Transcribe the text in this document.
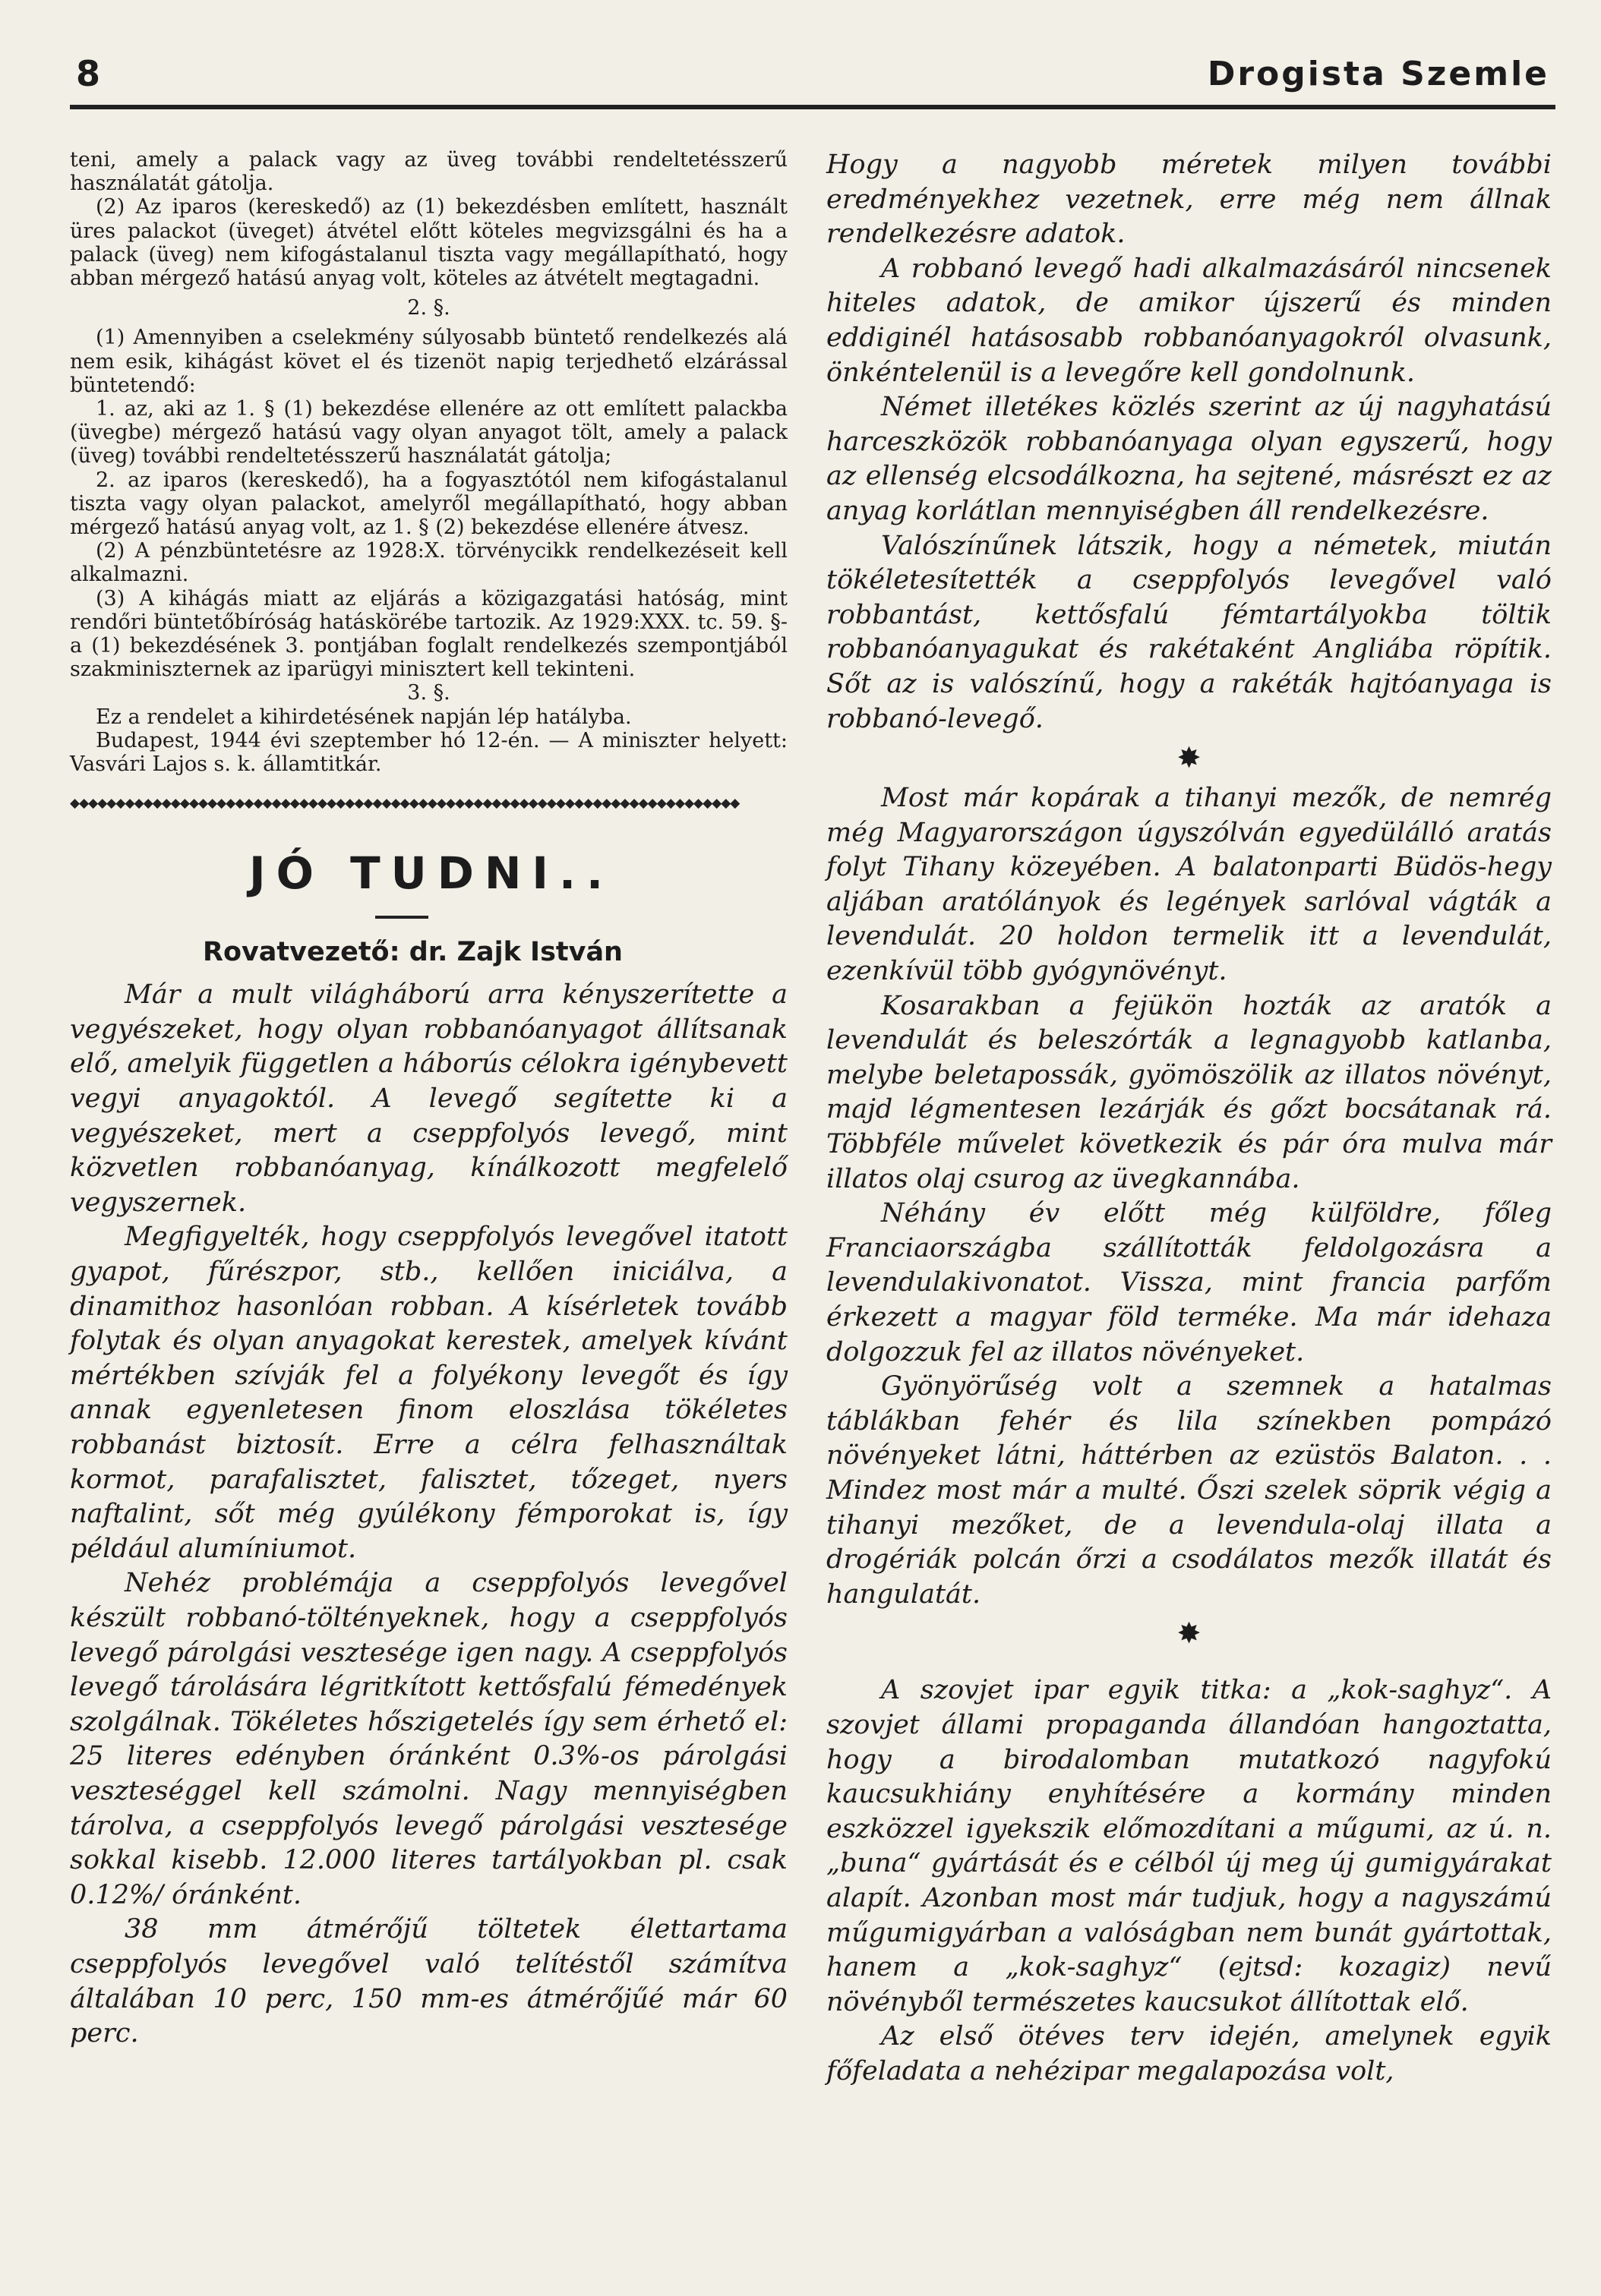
8	Drogista Szemle

teni, amely a palack vagy az üveg további rendeltetésszerű használatát gátolja.

(2) Az iparos (kereskedő) az (1) bekezdésben említett, használt üres palackot (üveget) átvétel előtt köteles megvizsgálni és ha a palack (üveg) nem kifogástalanul tiszta vagy megállapítható, hogy abban mérgező hatású anyag volt, köteles az átvételt megtagadni.

2. §.

(1) Amennyiben a cselekmény súlyosabb büntető rendelkezés alá nem esik, kihágást követ el és tizenöt napig terjedhető elzárással büntetendő:

1. az, aki az 1. § (1) bekezdése ellenére az ott említett palackba (üvegbe) mérgező hatású vagy olyan anyagot tölt, amely a palack (üveg) további rendeltetésszerű használatát gátolja;

2. az iparos (kereskedő), ha a fogyasztótól nem kifogástalanul tiszta vagy olyan palackot, amelyről megállapítható, hogy abban mérgező hatású anyag volt, az 1. § (2) bekezdése ellenére átvesz.

(2) A pénzbüntetésre az 1928:X. törvénycikk rendelkezéseit kell alkalmazni.

(3) A kihágás miatt az eljárás a közigazgatási hatóság, mint rendőri büntetőbíróság hatáskörébe tartozik. Az 1929:XXX. tc. 59. §-a (1) bekezdésének 3. pontjában foglalt rendelkezés szempontjából szakminiszternek az iparügyi minisztert kell tekinteni.

3. §.

Ez a rendelet a kihirdetésének napján lép hatályba.

Budapest, 1944 évi szeptember hó 12-én. — A miniszter helyett: Vasvári Lajos s. k. államtitkár.

◆◆◆◆◆◆◆◆◆◆◆◆◆◆◆◆◆◆◆◆◆◆◆◆◆◆◆◆◆◆◆◆◆◆◆◆◆◆◆◆◆◆◆◆◆◆◆◆◆◆◆◆◆◆◆◆◆◆◆◆◆◆◆◆◆◆◆◆◆◆◆◆◆
JÓ TUDNI..
Rovatvezető: dr. Zajk István

Már a mult világháború arra kényszerítette a vegyészeket, hogy olyan robbanóanyagot állítsanak elő, amelyik független a háborús célokra igénybevett vegyi anyagoktól. A levegő segítette ki a vegyészeket, mert a cseppfolyós levegő, mint közvetlen robbanóanyag, kínálkozott megfelelő vegyszernek.

Megfigyelték, hogy cseppfolyós levegővel itatott gyapot, fűrészpor, stb., kellően iniciálva, a dinamithoz hasonlóan robban. A kísérletek tovább folytak és olyan anyagokat kerestek, amelyek kívánt mértékben szívják fel a folyékony levegőt és így annak egyenletesen finom eloszlása tökéletes robbanást biztosít. Erre a célra felhasználtak kormot, parafalisztet, falisztet, tőzeget, nyers naftalint, sőt még gyúlékony fémporokat is, így például alumíniumot.

Nehéz problémája a cseppfolyós levegővel készült robbanó-töltényeknek, hogy a cseppfolyós levegő párolgási vesztesége igen nagy. A cseppfolyós levegő tárolására légritkított kettősfalú fémedények szolgálnak. Tökéletes hőszigetelés így sem érhető el: 25 literes edényben óránként 0.3%-os párolgási veszteséggel kell számolni. Nagy mennyiségben tárolva, a cseppfolyós levegő párolgási vesztesége sokkal kisebb. 12.000 literes tartályokban pl. csak 0.12%/ óránként.

38 mm átmérőjű töltetek élettartama cseppfolyós levegővel való telítéstől számítva általában 10 perc, 150 mm-es átmérőjűé már 60 perc.

Hogy a nagyobb méretek milyen további eredményekhez vezetnek, erre még nem állnak rendelkezésre adatok.

A robbanó levegő hadi alkalmazásáról nincsenek hiteles adatok, de amikor újszerű és minden eddiginél hatásosabb robbanóanyagokról olvasunk, önkéntelenül is a levegőre kell gondolnunk.

Német illetékes közlés szerint az új nagyhatású harceszközök robbanóanyaga olyan egyszerű, hogy az ellenség elcsodálkozna, ha sejtené, másrészt ez az anyag korlátlan mennyiségben áll rendelkezésre.

Valószínűnek látszik, hogy a németek, miután tökéletesítették a cseppfolyós levegővel való robbantást, kettősfalú fémtartályokba töltik robbanóanyagukat és rakétaként Angliába röpítik. Sőt az is valószínű, hogy a rakéták hajtóanyaga is robbanó-levegő.

✸

Most már kopárak a tihanyi mezők, de nemrég még Magyarországon úgyszólván egyedülálló aratás folyt Tihany közeyében. A balatonparti Büdös-hegy aljában aratólányok és legények sarlóval vágták a levendulát. 20 holdon termelik itt a levendulát, ezenkívül több gyógynövényt.

Kosarakban a fejükön hozták az aratók a levendulát és beleszórták a legnagyobb katlanba, melybe beletapossák, gyömöszölik az illatos növényt, majd légmentesen lezárják és gőzt bocsátanak rá. Többféle művelet következik és pár óra mulva már illatos olaj csurog az üvegkannába.

Néhány év előtt még külföldre, főleg Franciaországba szállították feldolgozásra a levendulakivonatot. Vissza, mint francia parfőm érkezett a magyar föld terméke. Ma már idehaza dolgozzuk fel az illatos növényeket.

Gyönyörűség volt a szemnek a hatalmas táblákban fehér és lila színekben pompázó növényeket látni, háttérben az ezüstös Balaton. . . Mindez most már a multé. Őszi szelek söprik végig a tihanyi mezőket, de a levendula-olaj illata a drogériák polcán őrzi a csodálatos mezők illatát és hangulatát.

✸

A szovjet ipar egyik titka: a „kok-saghyz“. A szovjet állami propaganda állandóan hangoztatta, hogy a birodalomban mutatkozó nagyfokú kaucsukhiány enyhítésére a kormány minden eszközzel igyekszik előmozdítani a műgumi, az ú. n. „buna“ gyártását és e célból új meg új gumigyárakat alapít. Azonban most már tudjuk, hogy a nagyszámú műgumigyárban a valóságban nem bunát gyártottak, hanem a „kok-saghyz“ (ejtsd: kozagiz) nevű növényből természetes kaucsukot állítottak elő.

Az első ötéves terv idején, amelynek egyik főfeladata a nehézipar megalapozása volt,
